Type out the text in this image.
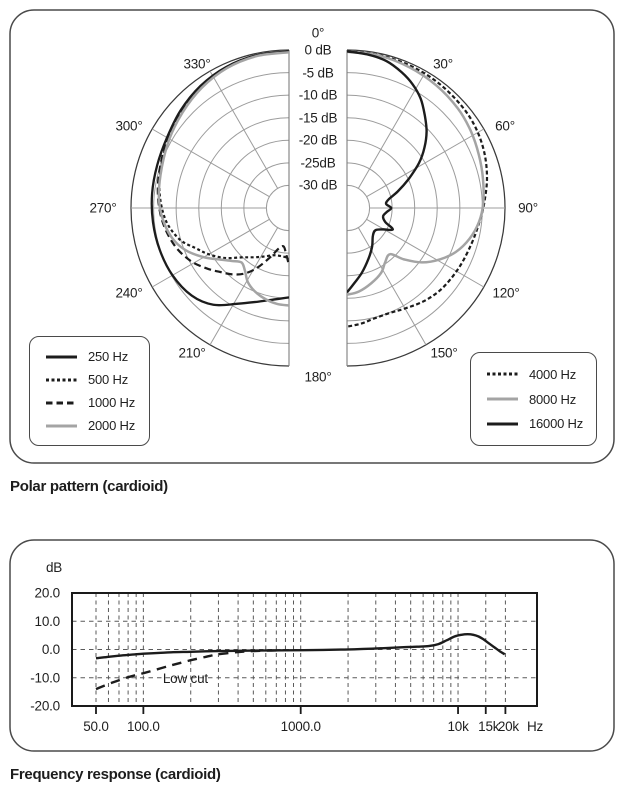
0°
30°
60°
90°
120°
150°
180°
210°
240°
270°
300°
330°
0 dB
-5 dB
-10 dB
-15 dB
-20 dB
-25dB
-30 dB
250 Hz
500 Hz
1000 Hz
2000 Hz
4000 Hz
8000 Hz
16000 Hz
Polar pattern (cardioid)
dB
20.0
10.0
0.0
-10.0
-20.0
50.0 100.0	1000.0	10k 15k
20k Hz
Low cut
Frequency response (cardioid)
